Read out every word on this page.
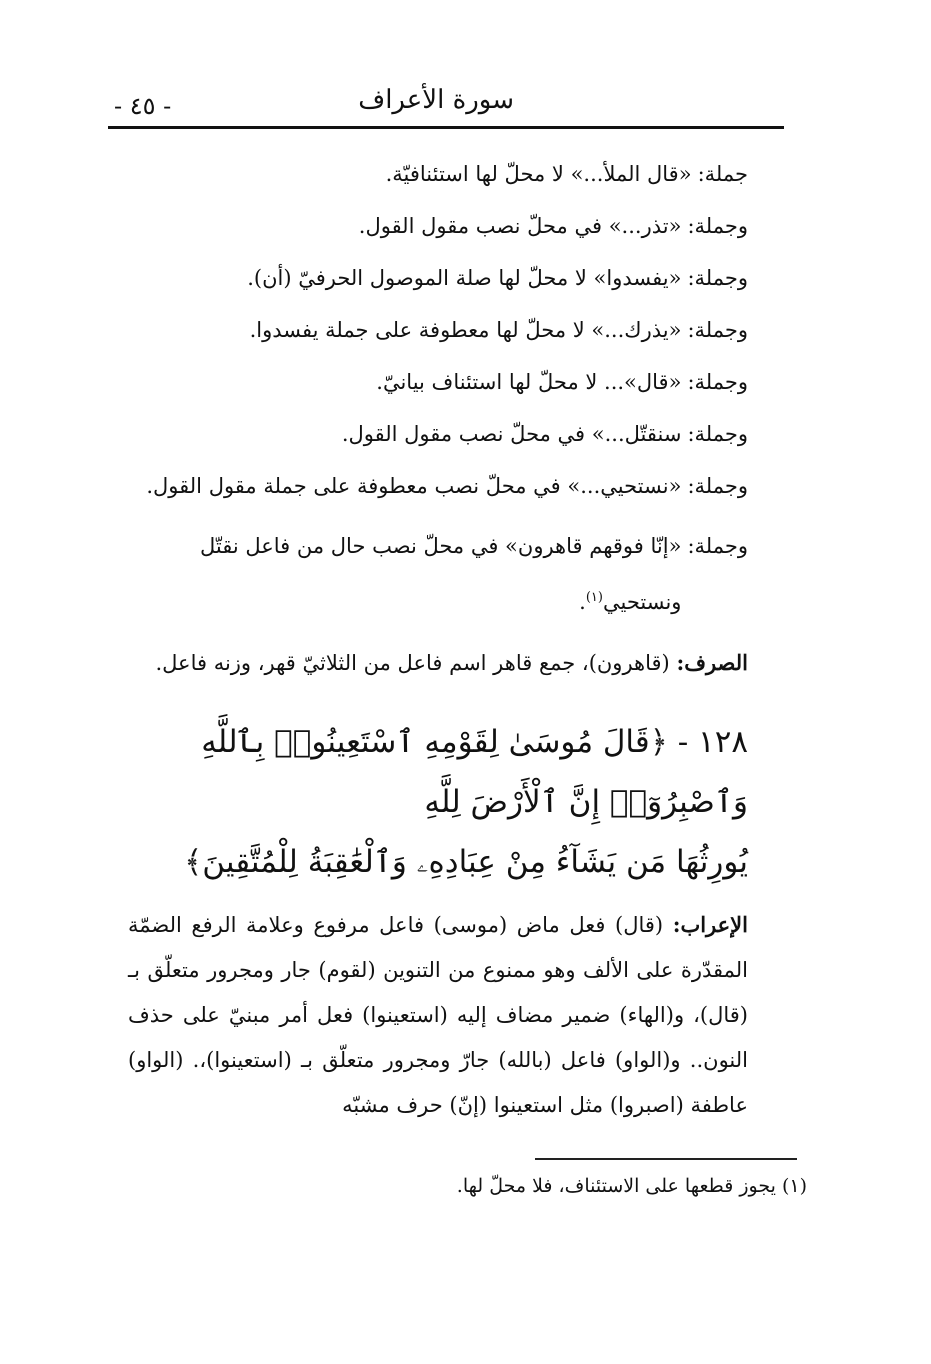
سورة الأعراف
- ٤٥ -
جملة:
«قال الملأ...» لا محلّ لها استئنافيّة.
وجملة:
«تذر...» في محلّ نصب مقول القول.
وجملة:
«يفسدوا» لا محلّ لها صلة الموصول الحرفيّ (أن).
وجملة:
«يذرك...» لا محلّ لها معطوفة على جملة يفسدوا.
وجملة:
«قال»... لا محلّ لها استئناف بيانيّ.
وجملة:
سنقتّل...» في محلّ نصب مقول القول.
وجملة:
«نستحيي...» في محلّ نصب معطوفة على جملة مقول القول.
وجملة:
«إنّا فوقهم قاهرون» في محلّ نصب حال من فاعل نقتّل ونستحيي$^{(١)}$.
الصرف: (قاهرون)، جمع قاهر اسم فاعل من الثلاثيّ قهر، وزنه فاعل.

١٢٨ - ﴿قَالَ مُوسَىٰ لِقَوْمِهِ ٱسْتَعِينُوا۟ بِٱللَّهِ وَٱصْبِرُوٓا۟ إِنَّ ٱلْأَرْضَ لِلَّهِ

يُورِثُهَا مَن يَشَآءُ مِنْ عِبَادِهِۦ وَٱلْعَٰقِبَةُ لِلْمُتَّقِينَ﴾

الإعراب: (قال) فعل ماض (موسى) فاعل مرفوع وعلامة الرفع الضمّة المقدّرة على الألف وهو ممنوع من التنوين (لقوم) جار ومجرور متعلّق بـ (قال)، و(الهاء) ضمير مضاف إليه (استعينوا) فعل أمر مبنيّ على حذف النون.. و(الواو) فاعل (بالله) جارّ ومجرور متعلّق بـ (استعينوا)،. (الواو) عاطفة (اصبروا) مثل استعينوا (إنّ) حرف مشبّه
(١) يجوز قطعها على الاستئناف، فلا محلّ لها.
